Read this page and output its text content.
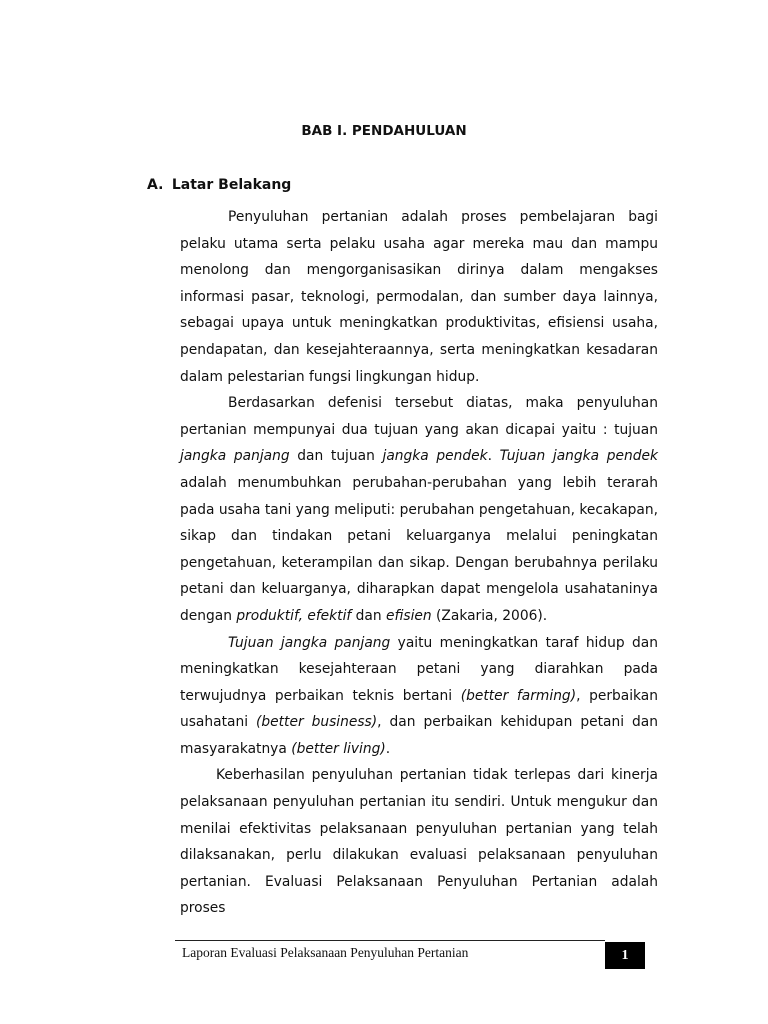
BAB I. PENDAHULUAN
A. Latar Belakang

Penyuluhan pertanian adalah proses pembelajaran bagi pelaku utama serta pelaku usaha agar mereka mau dan mampu menolong dan mengorganisasikan dirinya dalam mengakses informasi pasar, teknologi, permodalan, dan sumber daya lainnya, sebagai upaya untuk meningkatkan produktivitas, efisiensi usaha, pendapatan, dan kesejahteraannya, serta meningkatkan kesadaran dalam pelestarian fungsi lingkungan hidup.

Berdasarkan defenisi tersebut diatas, maka penyuluhan pertanian mempunyai dua tujuan yang akan dicapai yaitu : tujuan jangka panjang dan tujuan jangka pendek. Tujuan jangka pendek adalah menumbuhkan perubahan-perubahan yang lebih terarah pada usaha tani yang meliputi: perubahan pengetahuan, kecakapan, sikap dan tindakan petani keluarganya melalui peningkatan pengetahuan, keterampilan dan sikap. Dengan berubahnya perilaku petani dan keluarganya, diharapkan dapat mengelola usahataninya dengan produktif, efektif dan efisien (Zakaria, 2006).

Tujuan jangka panjang yaitu meningkatkan taraf hidup dan meningkatkan kesejahteraan petani yang diarahkan pada terwujudnya perbaikan teknis bertani (better farming), perbaikan usahatani (better business), dan perbaikan kehidupan petani dan masyarakatnya (better living).

Keberhasilan penyuluhan pertanian tidak terlepas dari kinerja pelaksanaan penyuluhan pertanian itu sendiri. Untuk mengukur dan menilai efektivitas pelaksanaan penyuluhan pertanian yang telah dilaksanakan, perlu dilakukan evaluasi pelaksanaan penyuluhan pertanian. Evaluasi Pelaksanaan Penyuluhan Pertanian adalah proses

Laporan Evaluasi Pelaksanaan Penyuluhan Pertanian	1
